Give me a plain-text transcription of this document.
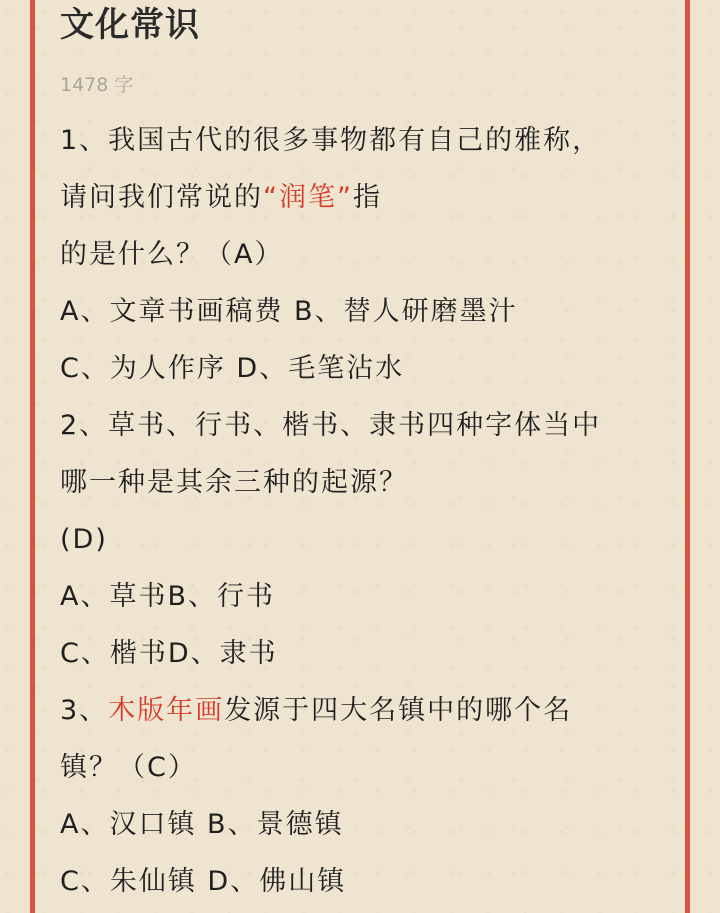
文化常识
1478 字
1、我国古代的很多事物都有自己的雅称，
请问我们常说的“润笔”指
的是什么？（A）
A、文章书画稿费 B、替人研磨墨汁
C、为人作序 D、毛笔沾水
2、草书、行书、楷书、隶书四种字体当中
哪一种是其余三种的起源？
(D)
A、草书B、行书
C、楷书D、隶书
3、木版年画发源于四大名镇中的哪个名
镇？（C）
A、汉口镇 B、景德镇
C、朱仙镇 D、佛山镇
